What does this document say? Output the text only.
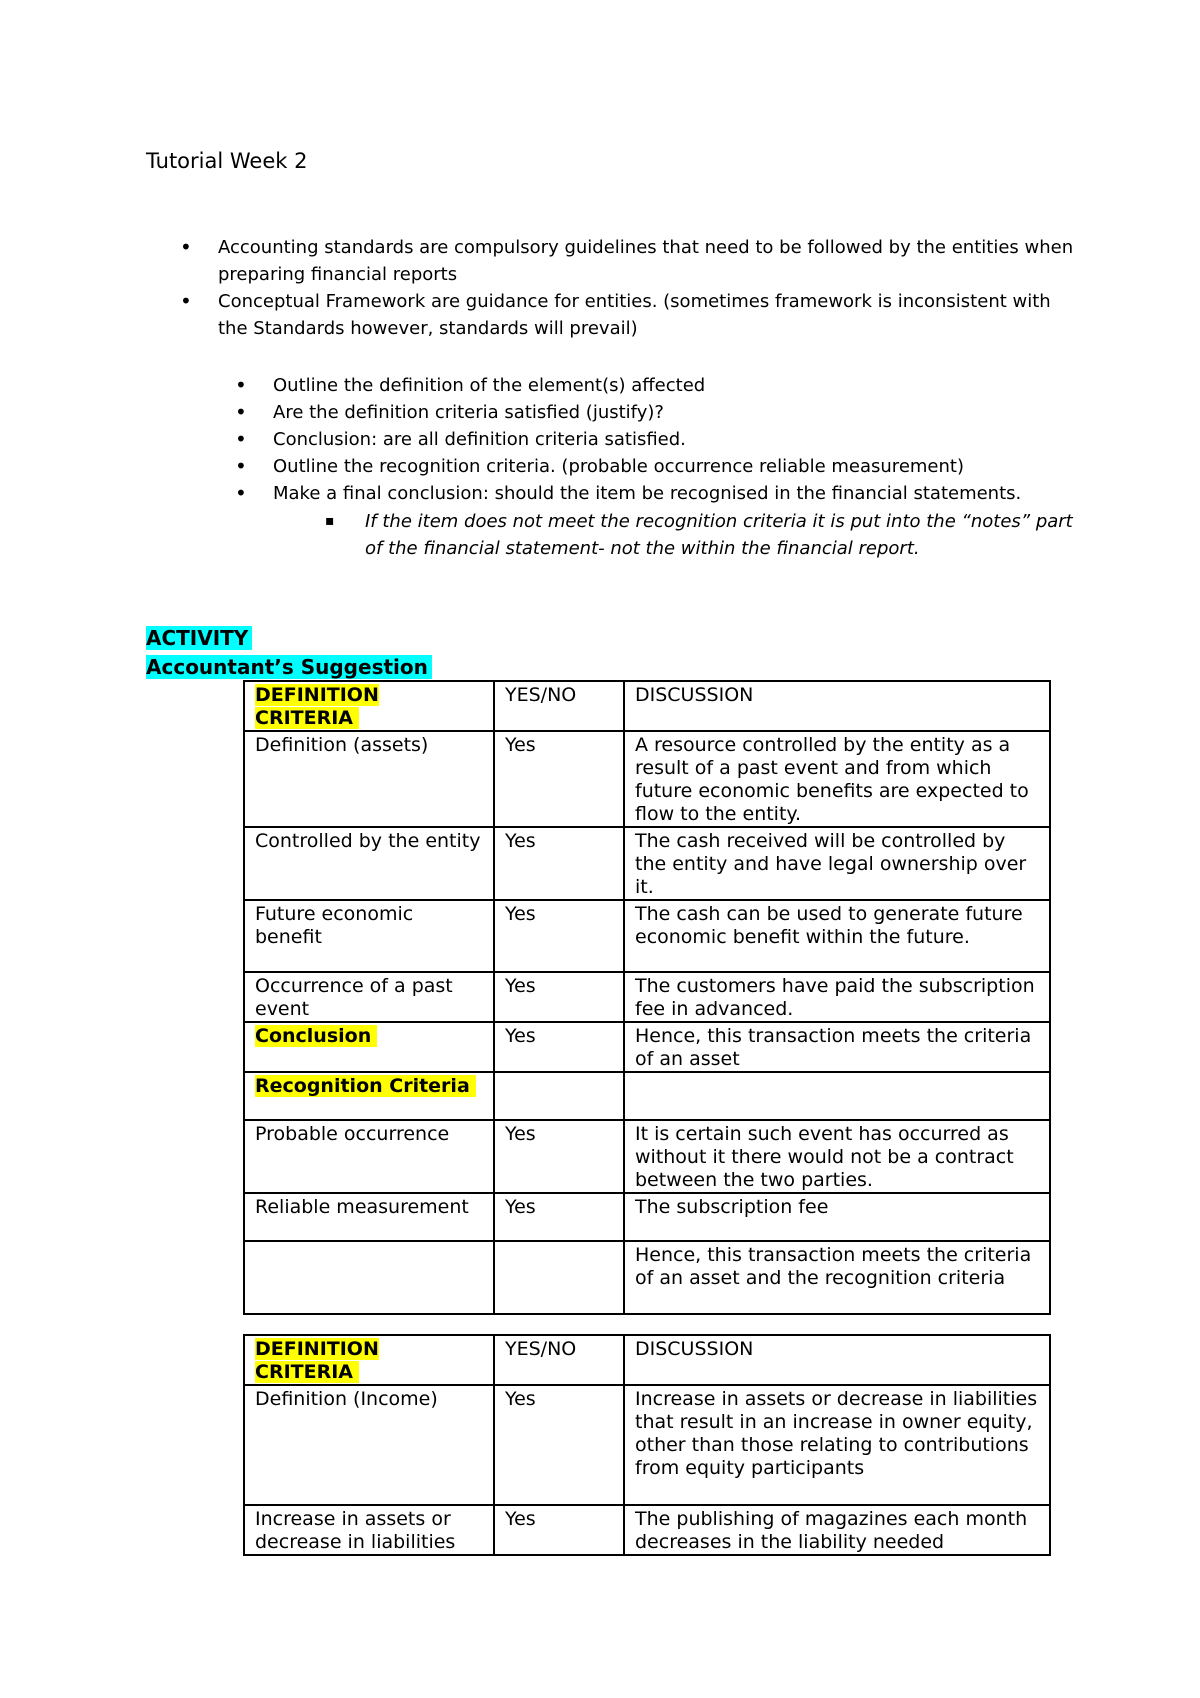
Tutorial Week 2
• Accounting standards are compulsory guidelines that need to be followed by the entities when preparing financial reports
• Conceptual Framework are guidance for entities. (sometimes framework is inconsistent with the Standards however, standards will prevail)
• Outline the definition of the element(s) affected
• Are the definition criteria satisfied (justify)?
• Conclusion: are all definition criteria satisfied.
• Outline the recognition criteria. (probable occurrence reliable measurement)
• Make a final conclusion: should the item be recognised in the financial statements.
▪ If the item does not meet the recognition criteria it is put into the “notes” part of the financial statement- not the within the financial report.
ACTIVITY
Accountant’s Suggestion
DEFINITION CRITERIA	YES/NO	DISCUSSION
Definition (assets)	Yes	A resource controlled by the entity as a result of a past event and from which future economic benefits are expected to flow to the entity.
Controlled by the entity	Yes	The cash received will be controlled by the entity and have legal ownership over it.
Future economic benefit	Yes	The cash can be used to generate future economic benefit within the future.
Occurrence of a past event	Yes	The customers have paid the subscription fee in advanced.
Conclusion	Yes	Hence, this transaction meets the criteria of an asset
Recognition Criteria		
Probable occurrence	Yes	It is certain such event has occurred as without it there would not be a contract between the two parties.
Reliable measurement	Yes	The subscription fee
		Hence, this transaction meets the criteria of an asset and the recognition criteria
DEFINITION CRITERIA	YES/NO	DISCUSSION
Definition (Income)	Yes	Increase in assets or decrease in liabilities that result in an increase in owner equity, other than those relating to contributions from equity participants
Increase in assets or decrease in liabilities	Yes	The publishing of magazines each month decreases in the liability needed
